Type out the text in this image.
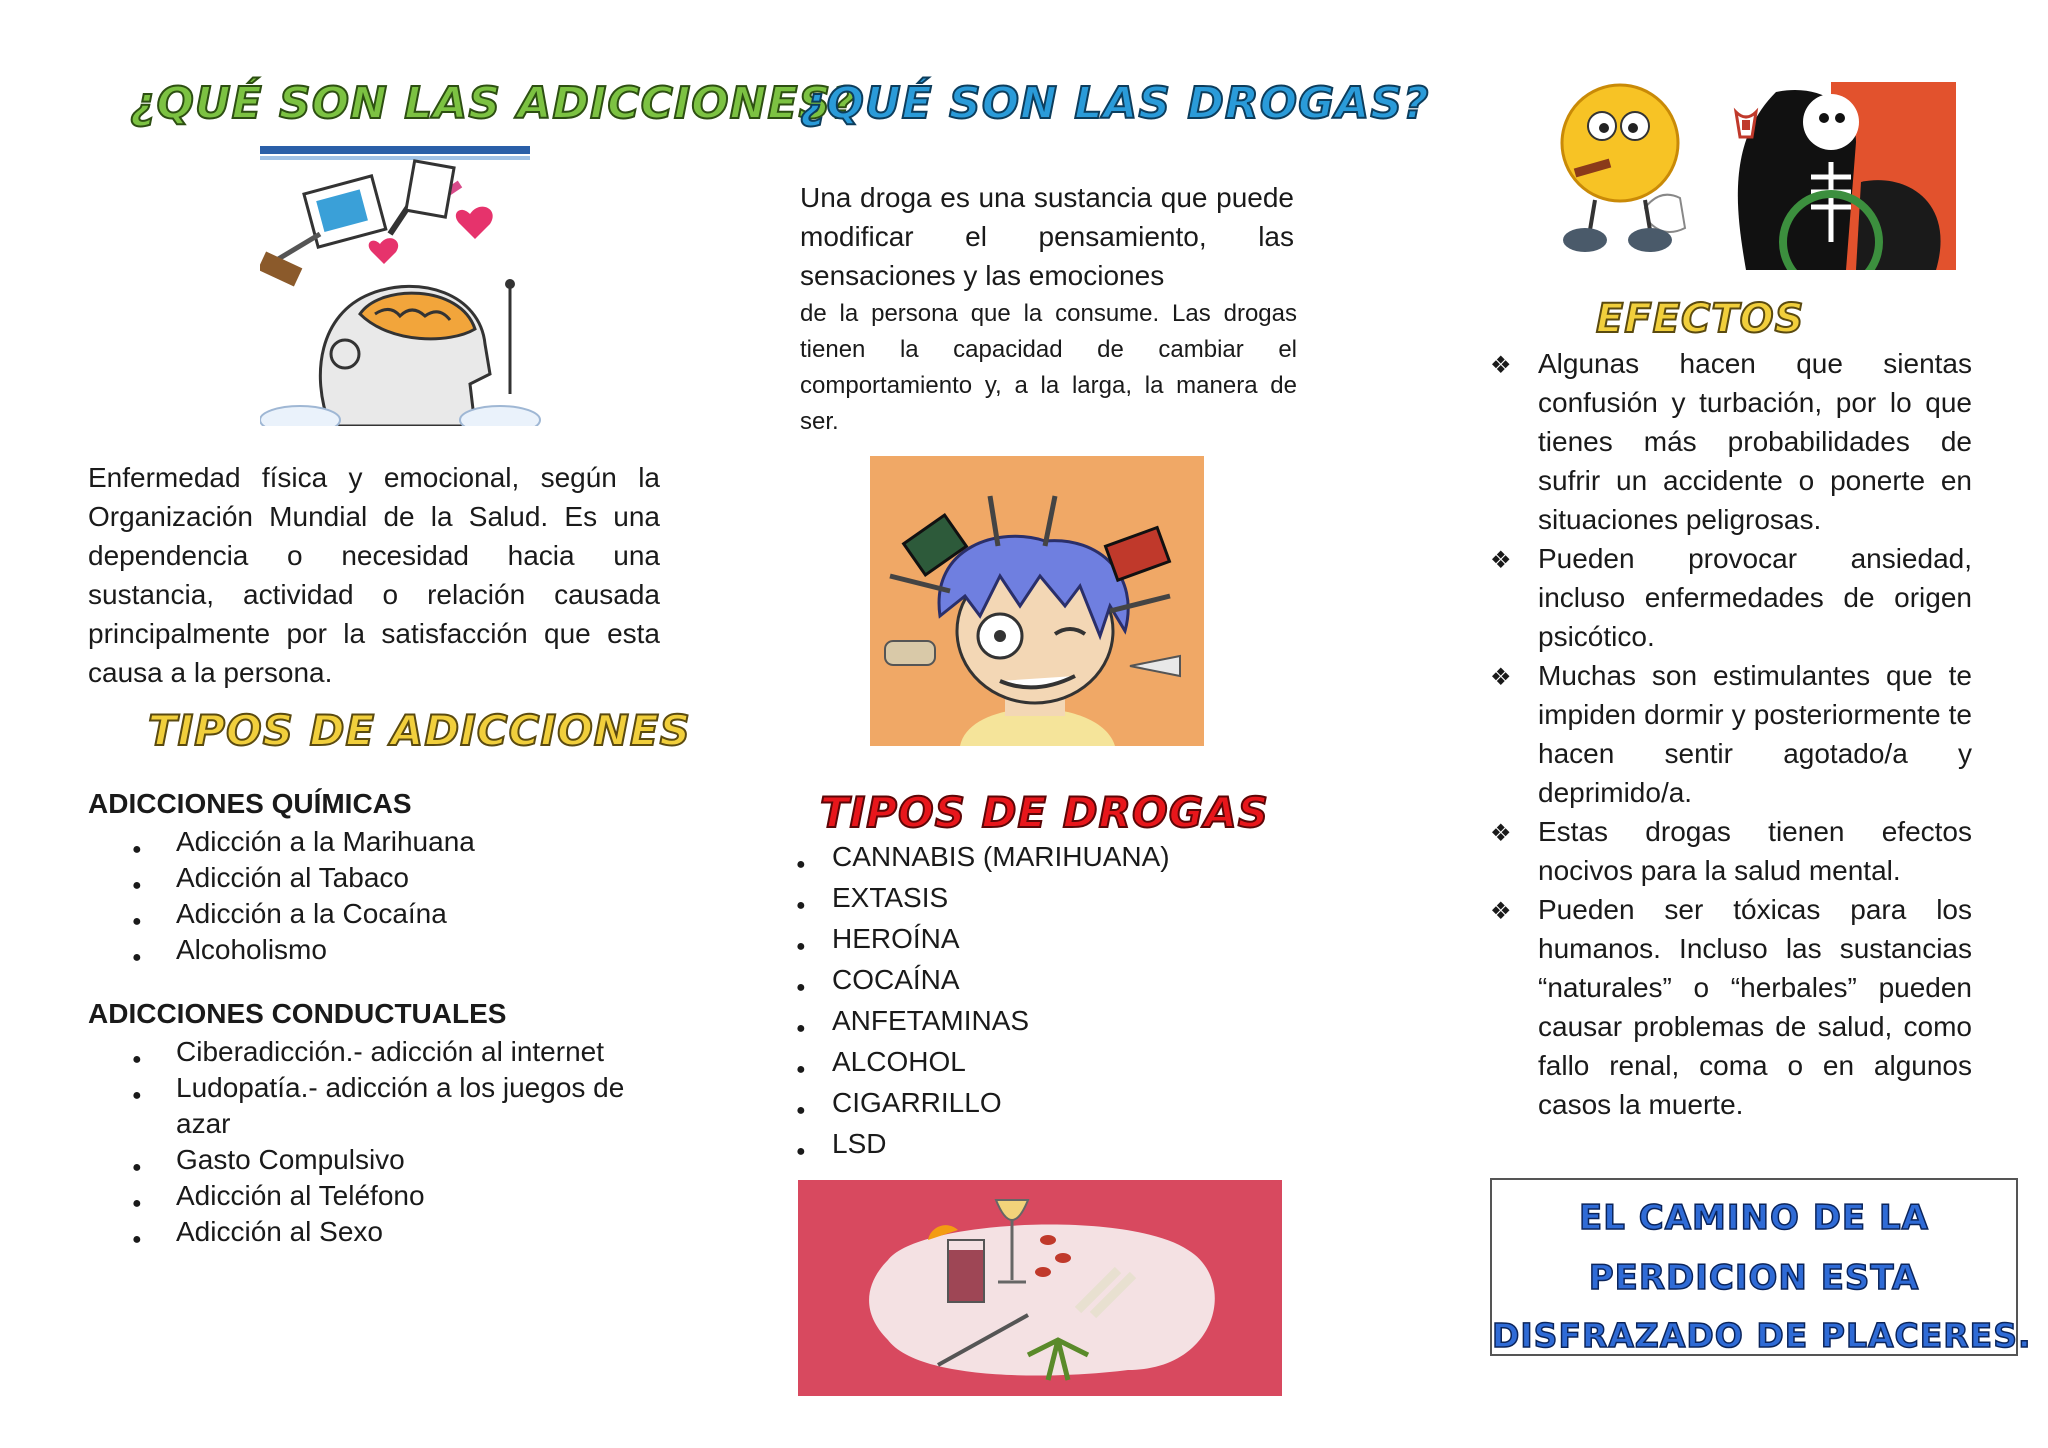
¿QUÉ SON LAS ADICCIONES?

Enfermedad física y emocional, según la Organización Mundial de la Salud. Es una dependencia o necesidad hacia una sustancia, actividad o relación causada principalmente por la satisfacción que esta causa a la persona.

TIPOS DE ADICCIONES
ADICCIONES QUÍMICAS
● Adicción a la Marihuana
● Adicción al Tabaco
● Adicción a la Cocaína
● Alcoholismo
ADICCIONES CONDUCTUALES
● Ciberadicción.- adicción al internet
● Ludopatía.- adicción a los juegos de azar
● Gasto Compulsivo
● Adicción al Teléfono
● Adicción al Sexo
¿QUÉ SON LAS DROGAS?

Una droga es una sustancia que puede modificar el pensamiento, las sensaciones y las emociones

de la persona que la consume. Las drogas tienen la capacidad de cambiar el comportamiento y, a la larga, la manera de ser.

TIPOS DE DROGAS
● CANNABIS (MARIHUANA)
● EXTASIS
● HEROÍNA
● COCAÍNA
● ANFETAMINAS
● ALCOHOL
● CIGARRILLO
● LSD
EFECTOS
❖ Algunas hacen que sientas confusión y turbación, por lo que tienes más probabilidades de sufrir un accidente o ponerte en situaciones peligrosas.
❖ Pueden provocar ansiedad, incluso enfermedades de origen psicótico.
❖ Muchas son estimulantes que te impiden dormir y posteriormente te hacen sentir agotado/a y deprimido/a.
❖ Estas drogas tienen efectos nocivos para la salud mental.
❖ Pueden ser tóxicas para los humanos. Incluso las sustancias “naturales” o “herbales” pueden causar problemas de salud, como fallo renal, coma o en algunos casos la muerte.
EL CAMINO DE LA
PERDICION ESTA
DISFRAZADO DE PLACERES.
